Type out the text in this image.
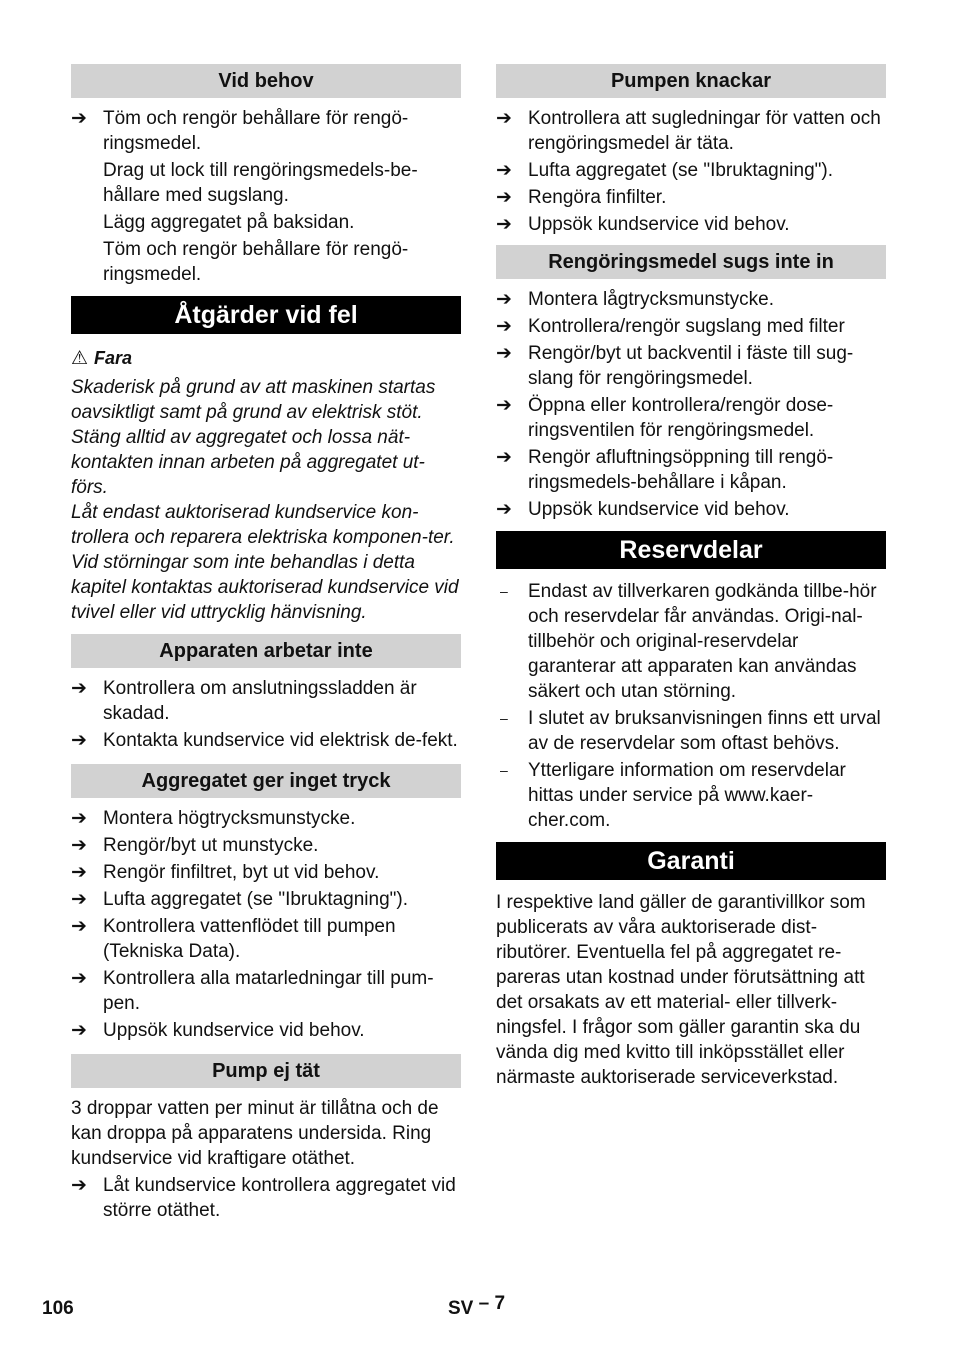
Vid behov
➔ Töm och rengör behållare för rengö-ringsmedel.
Drag ut lock till rengöringsmedels-be-hållare med sugslang.
Lägg aggregatet på baksidan.
Töm och rengör behållare för rengö-ringsmedel.
Åtgärder vid fel
⚠ Fara
Skaderisk på grund av att maskinen startas oavsiktligt samt på grund av elektrisk stöt. Stäng alltid av aggregatet och lossa nät-kontakten innan arbeten på aggregatet ut-förs.
Låt endast auktoriserad kundservice kon-trollera och reparera elektriska komponen-ter.
Vid störningar som inte behandlas i detta kapitel kontaktas auktoriserad kundservice vid tvivel eller vid uttrycklig hänvisning.
Apparaten arbetar inte
➔ Kontrollera om anslutningssladden är skadad.
➔ Kontakta kundservice vid elektrisk de-fekt.
Aggregatet ger inget tryck
➔ Montera högtrycksmunstycke.
➔ Rengör/byt ut munstycke.
➔ Rengör finfiltret, byt ut vid behov.
➔ Lufta aggregatet (se "Ibruktagning").
➔ Kontrollera vattenflödet till pumpen (Tekniska Data).
➔ Kontrollera alla matarledningar till pum-pen.
➔ Uppsök kundservice vid behov.
Pump ej tät
3 droppar vatten per minut är tillåtna och de kan droppa på apparatens undersida. Ring kundservice vid kraftigare otäthet.
➔ Låt kundservice kontrollera aggregatet vid större otäthet.
Pumpen knackar
➔ Kontrollera att sugledningar för vatten och rengöringsmedel är täta.
➔ Lufta aggregatet (se "Ibruktagning").
➔ Rengöra finfilter.
➔ Uppsök kundservice vid behov.
Rengöringsmedel sugs inte in
➔ Montera lågtrycksmunstycke.
➔ Kontrollera/rengör sugslang med filter
➔ Rengör/byt ut backventil i fäste till sug-slang för rengöringsmedel.
➔ Öppna eller kontrollera/rengör dose-ringsventilen för rengöringsmedel.
➔ Rengör afluftningsöppning till rengö-ringsmedels-behållare i kåpan.
➔ Uppsök kundservice vid behov.
Reservdelar
–	Endast av tillverkaren godkända tillbe-hör och reservdelar får användas. Origi-nal-tillbehör och original-reservdelar garanterar att apparaten kan användas säkert och utan störning.
–	I slutet av bruksanvisningen finns ett urval av de reservdelar som oftast behövs.
–	Ytterligare information om reservdelar hittas under service på www.kaer-cher.com.
Garanti
I respektive land gäller de garantivillkor som publicerats av våra auktoriserade dist-ributörer. Eventuella fel på aggregatet re-pareras utan kostnad under förutsättning att det orsakats av ett material- eller tillverk-ningsfel. I frågor som gäller garantin ska du vända dig med kvitto till inköpsstället eller närmaste auktoriserade serviceverkstad.
106	SV – 7
